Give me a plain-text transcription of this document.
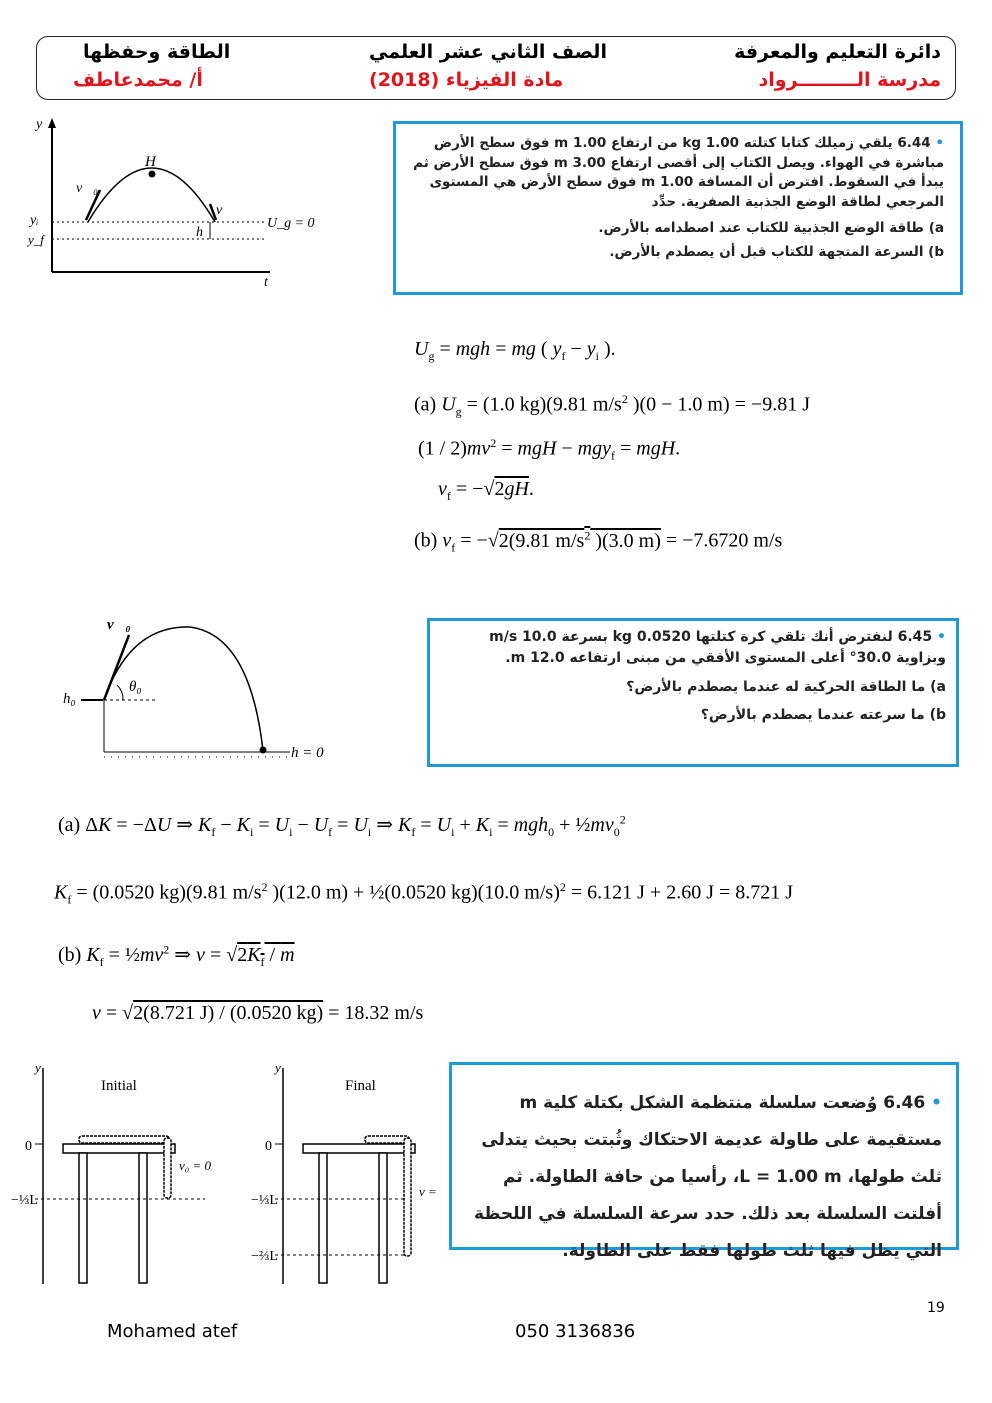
دائرة التعليم والمعرفة
مدرسة الـــــــــرواد
الصف الثاني عشر العلمي
مادة الفيزياء (2018)
الطاقة وحفظها
أ/ محمدعاطف
y
H
v⃗₀
v⃗
yᵢ
y_f	h
U_g = 0
t

• 6.44 يلقي زميلك كتابا كتلته 1.00 kg من ارتفاع 1.00 m فوق سطح الأرض مباشرة في الهواء. ويصل الكتاب إلى أقصى ارتفاع 3.00 m فوق سطح الأرض ثم يبدأ في السقوط. افترض أن المسافة 1.00 m فوق سطح الأرض هي المستوى المرجعي لطاقة الوضع الجذبية الصفرية. حدِّد

a) طاقة الوضع الجذبية للكتاب عند اصطدامه بالأرض.

b) السرعة المتجهة للكتاب قبل أن يصطدم بالأرض.

$U_g$ = mgh = mg ( $y_f - y_i$ ).
(a) $U_g = (1.0$ kg)(9.81 $m/s^2$ )(0 − 1.0 m) = −9.81 J
$(1 / 2)mv^2$ = mgH − mgy$_f$ = mgH.
$v_f = -√2gH$.
(b) $v_f = -√2(9.81$ $m/s^2$ )(3.0 m) = −7.6720 m/s
v⃗₀
θ₀
h₀
h = 0

• 6.45 لنفترض أنك تلقي كرة كتلتها 0.0520 kg بسرعة 10.0 m/s وبزاوية 30.0° أعلى المستوى الأفقي من مبنى ارتفاعه 12.0 m.

a) ما الطاقة الحركية له عندما يصطدم بالأرض؟

b) ما سرعته عندما يصطدم بالأرض؟

(a) ΔK = −ΔU ⇒ $K_f - K_i = U_i - U_f = U_i$ ⇒ $K_f = U_i + K_i = mgh_0$ + $\frac{1}{2}mv_0^2$
$K_f = (0.0520$ kg)(9.81 $m/s^2$ )(12.0 m) + ½(0.0520 kg)(10.0 m/s)$^2$ = 6.121 J + 2.60 J = 8.721 J
(b) $K_f$ = $\frac{1}{2}mv^2$ ⇒ $v = √2K_f / m$
v = √2(8.721 J) / (0.0520 kg) = 18.32 m/s
y
Initial
0
−⅓L
v₀ = 0
y
Final
0
−⅓L
−⅔L
v =

• 6.46 وُضعت سلسلة منتظمة الشكل بكتلة كلية m مستقيمة على طاولة عديمة الاحتكاك وثُبتت بحيث يتدلى ثلث طولها، L = 1.00 m، رأسيا من حافة الطاولة. ثم أفلتت السلسلة بعد ذلك. حدد سرعة السلسلة في اللحظة التي يظل فيها ثلث طولها فقط على الطاولة.

19
Mohamed atef	050 3136836
